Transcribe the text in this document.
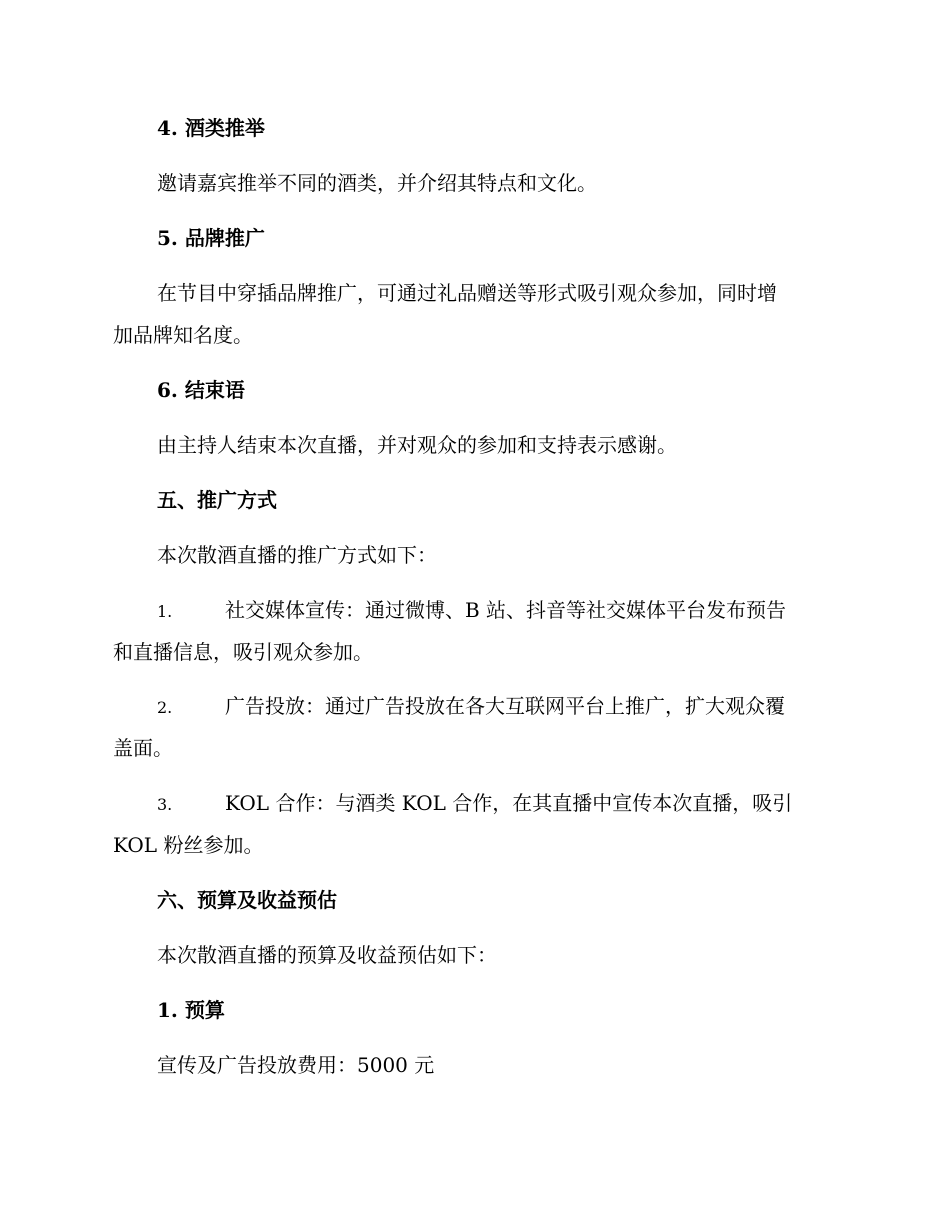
4. 酒类推举
邀请嘉宾推举不同的酒类，并介绍其特点和文化。
5. 品牌推广
在节目中穿插品牌推广，可通过礼品赠送等形式吸引观众参加，同时增
加品牌知名度。
6. 结束语
由主持人结束本次直播，并对观众的参加和支持表示感谢。
五、推广方式
本次散酒直播的推广方式如下：
1.	社交媒体宣传：通过微博、B 站、抖音等社交媒体平台发布预告
和直播信息，吸引观众参加。
2.	广告投放：通过广告投放在各大互联网平台上推广，扩大观众覆
盖面。
3.	KOL 合作：与酒类 KOL 合作，在其直播中宣传本次直播，吸引
KOL 粉丝参加。
六、预算及收益预估
本次散酒直播的预算及收益预估如下：
1. 预算
宣传及广告投放费用：5000 元
